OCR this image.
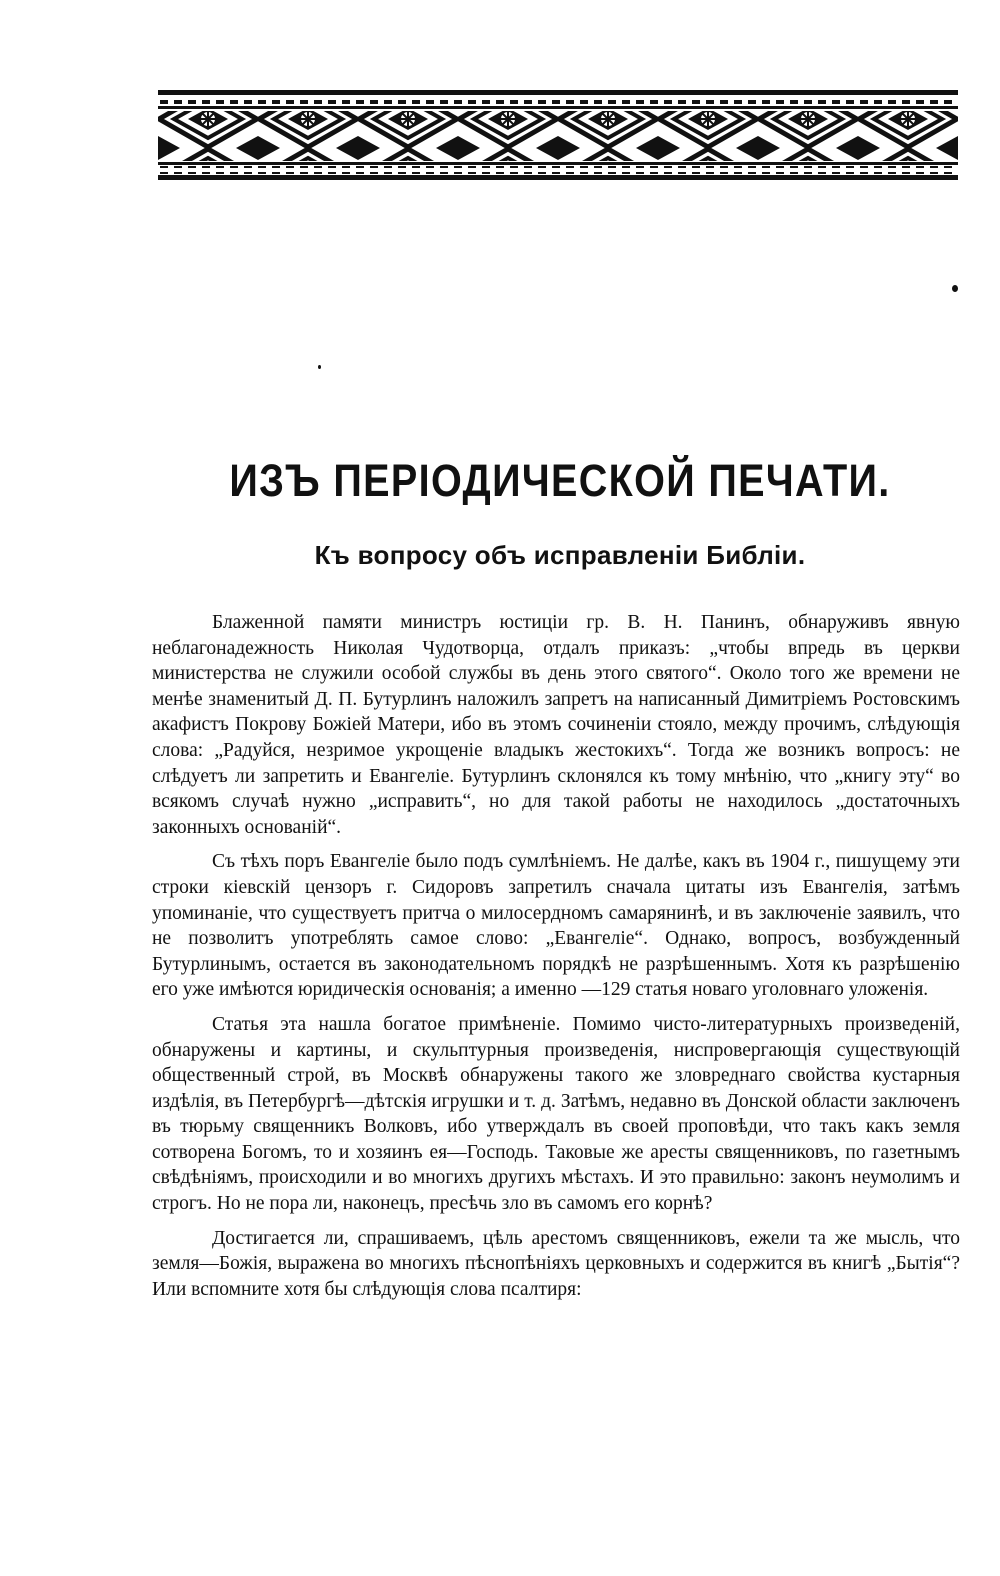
ИЗЪ ПЕРІОДИЧЕСКОЙ ПЕЧАТИ.
Къ вопросу объ исправленіи Библіи.

Блаженной памяти министръ юстиціи гр. В. Н. Панинъ, обнаруживъ явную неблагонадежность Николая Чудотворца, отдалъ приказъ: „чтобы впредь въ церкви министерства не служили особой службы въ день этого святого“. Около того же времени не менѣе знаменитый Д. П. Бутурлинъ наложилъ запретъ на написанный Димитріемъ Ростовскимъ акафистъ Покрову Божіей Матери, ибо въ этомъ сочиненіи стояло, между прочимъ, слѣдующія слова: „Радуйся, незримое укрощеніе владыкъ жестокихъ“. Тогда же возникъ вопросъ: не слѣдуетъ ли запретить и Евангеліе. Бутурлинъ склонялся къ тому мнѣнію, что „книгу эту“ во всякомъ случаѣ нужно „исправить“, но для такой работы не находилось „достаточныхъ законныхъ основаній“.

Съ тѣхъ поръ Евангеліе было подъ сумлѣніемъ. Не далѣе, какъ въ 1904 г., пишущему эти строки кіевскій цензоръ г. Сидоровъ запретилъ сначала цитаты изъ Евангелія, затѣмъ упоминаніе, что существуетъ притча о милосердномъ самарянинѣ, и въ заключеніе заявилъ, что не позволитъ употреблять самое слово: „Евангеліе“. Однако, вопросъ, возбужденный Бутурлинымъ, остается въ законодательномъ порядкѣ не разрѣшеннымъ. Хотя къ разрѣшенію его уже имѣются юридическія основанія; а именно —129 статья новаго уголовнаго уложенія.

Статья эта нашла богатое примѣненіе. Помимо чисто-литературныхъ произведеній, обнаружены и картины, и скульптурныя произведенія, ниспровергающія существующій общественный строй, въ Москвѣ обнаружены такого же зловреднаго свойства кустарныя издѣлія, въ Петербургѣ—дѣтскія игрушки и т. д. Затѣмъ, недавно въ Донской области заключенъ въ тюрьму священникъ Волковъ, ибо утверждалъ въ своей проповѣди, что такъ какъ земля сотворена Богомъ, то и хозяинъ ея—Господь. Таковые же аресты священниковъ, по газетнымъ свѣдѣніямъ, происходили и во многихъ другихъ мѣстахъ. И это правильно: законъ неумолимъ и строгъ. Но не пора ли, наконецъ, пресѣчь зло въ самомъ его корнѣ?

Достигается ли, спрашиваемъ, цѣль арестомъ священниковъ, ежели та же мысль, что земля—Божія, выражена во многихъ пѣснопѣніяхъ церковныхъ и содержится въ книгѣ „Бытія“? Или вспомните хотя бы слѣдующія слова псалтиря:
